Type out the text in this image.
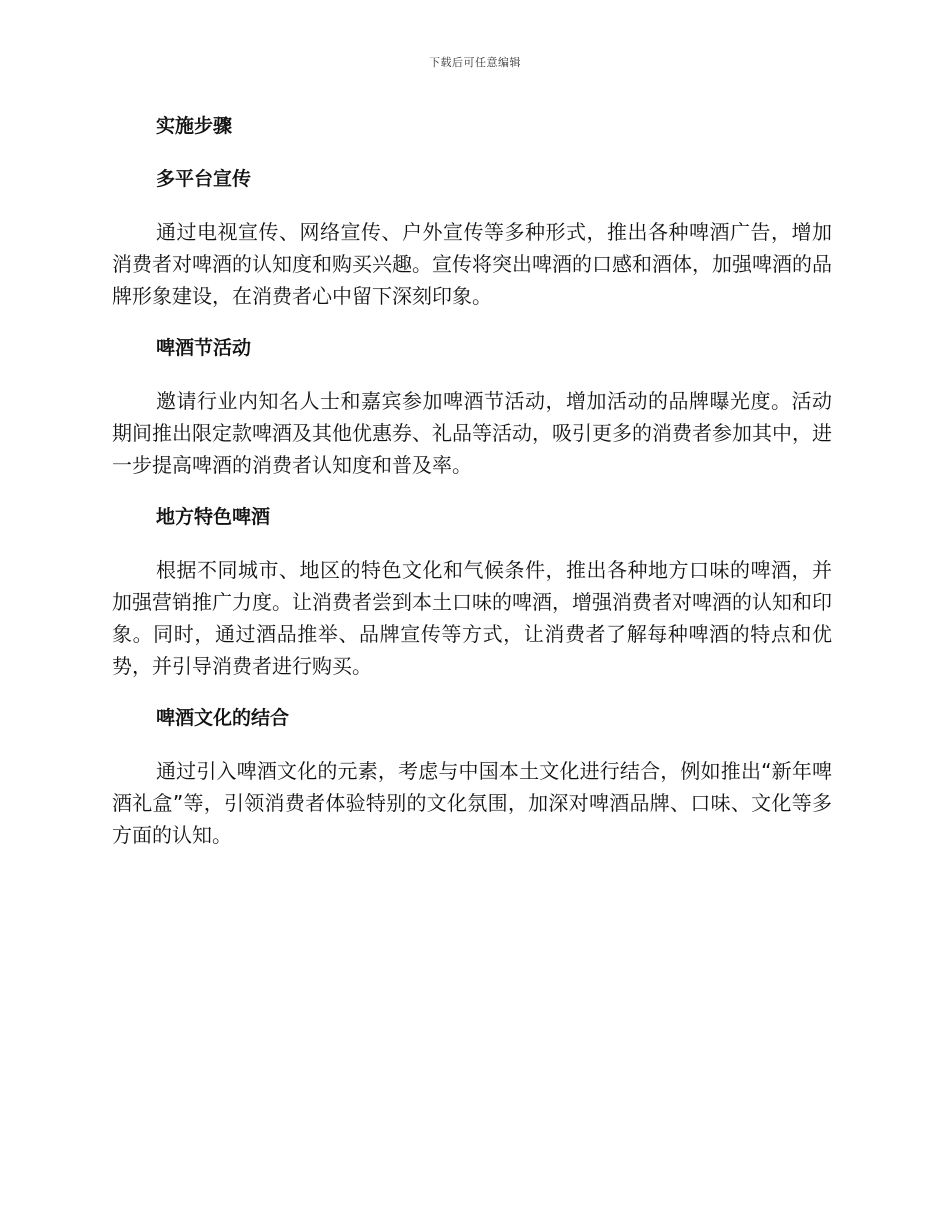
下载后可任意编辑
实施步骤
多平台宣传

通过电视宣传、网络宣传、户外宣传等多种形式，推出各种啤酒广告，增加消费者对啤酒的认知度和购买兴趣。宣传将突出啤酒的口感和酒体，加强啤酒的品牌形象建设，在消费者心中留下深刻印象。

啤酒节活动

邀请行业内知名人士和嘉宾参加啤酒节活动，增加活动的品牌曝光度。活动期间推出限定款啤酒及其他优惠券、礼品等活动，吸引更多的消费者参加其中，进一步提高啤酒的消费者认知度和普及率。

地方特色啤酒

根据不同城市、地区的特色文化和气候条件，推出各种地方口味的啤酒，并加强营销推广力度。让消费者尝到本土口味的啤酒，增强消费者对啤酒的认知和印象。同时，通过酒品推举、品牌宣传等方式，让消费者了解每种啤酒的特点和优势，并引导消费者进行购买。

啤酒文化的结合

通过引入啤酒文化的元素，考虑与中国本土文化进行结合，例如推出“新年啤酒礼盒”等，引领消费者体验特别的文化氛围，加深对啤酒品牌、口味、文化等多方面的认知。
